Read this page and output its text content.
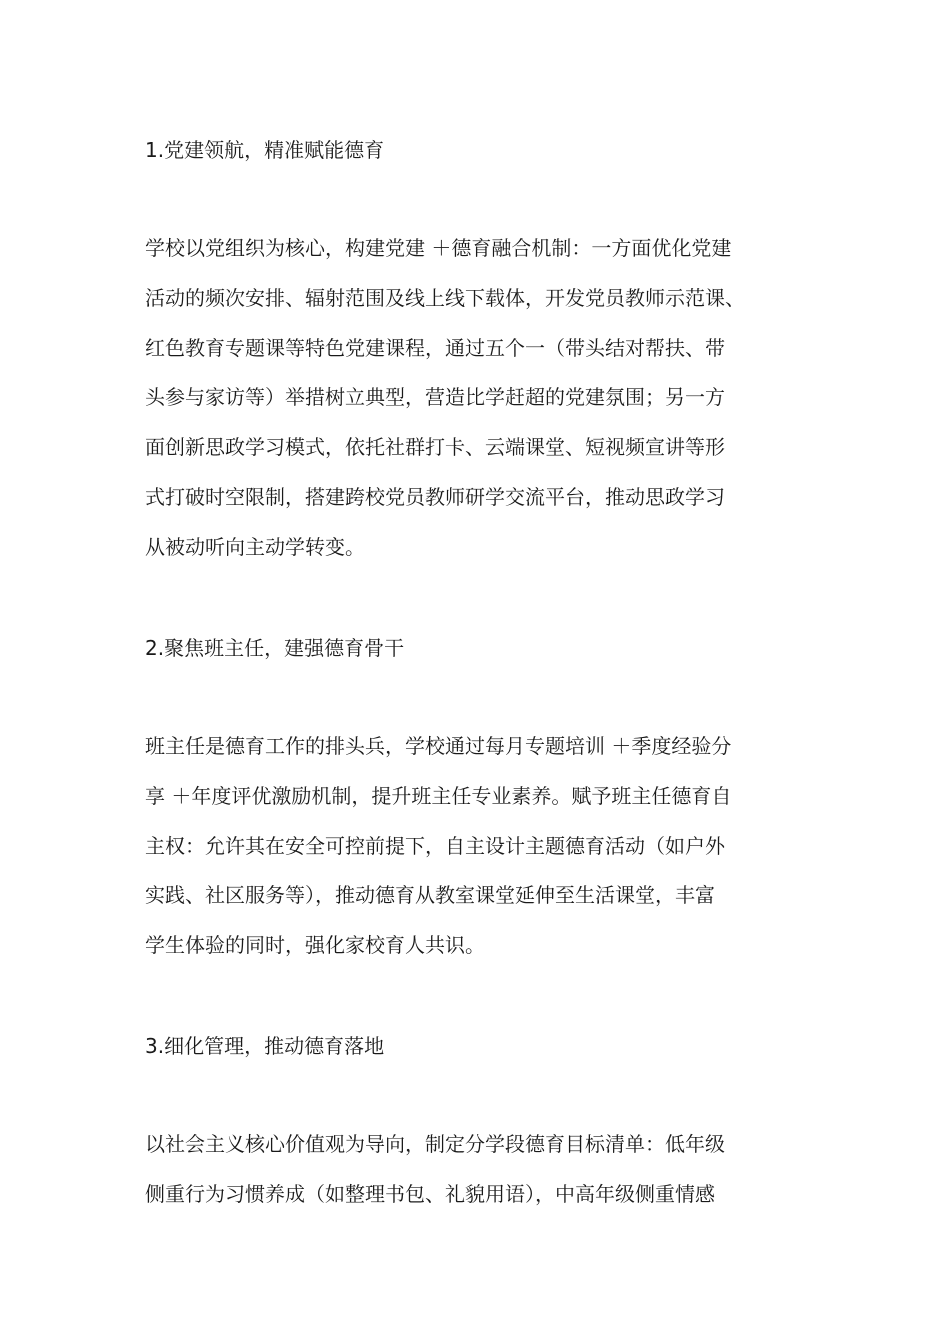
1.党建领航，精准赋能德育
学校以党组织为核心，构建党建 ＋德育融合机制：一方面优化党建
活动的频次安排、辐射范围及线上线下载体，开发党员教师示范课、
红色教育专题课等特色党建课程，通过五个一（带头结对帮扶、带
头参与家访等）举措树立典型，营造比学赶超的党建氛围；另一方
面创新思政学习模式，依托社群打卡、云端课堂、短视频宣讲等形
式打破时空限制，搭建跨校党员教师研学交流平台，推动思政学习
从被动听向主动学转变。
2.聚焦班主任，建强德育骨干
班主任是德育工作的排头兵，学校通过每月专题培训 ＋季度经验分
享 ＋年度评优激励机制，提升班主任专业素养。赋予班主任德育自
主权：允许其在安全可控前提下，自主设计主题德育活动（如户外
实践、社区服务等），推动德育从教室课堂延伸至生活课堂，丰富
学生体验的同时，强化家校育人共识。
3.细化管理，推动德育落地
以社会主义核心价值观为导向，制定分学段德育目标清单：低年级
侧重行为习惯养成（如整理书包、礼貌用语），中高年级侧重情感
